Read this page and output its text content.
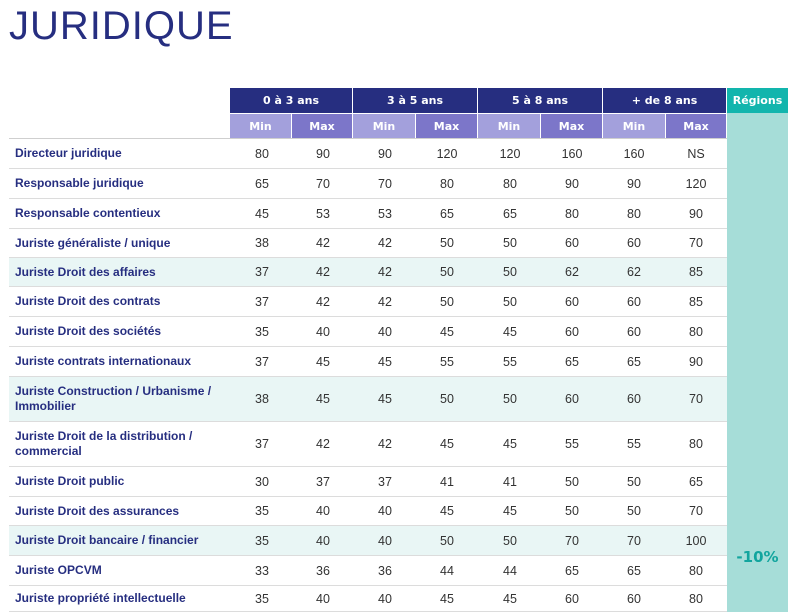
JURIDIQUE
Régions
0 à 3 ans	3 à 5 ans	5 à 8 ans	+ de 8 ans
Min	Max	Min	Max	Min	Max	Min	Max
Directeur juridique	80	90	90	120	120	160	160	NS
Responsable juridique	65	70	70	80	80	90	90	120
Responsable contentieux	45	53	53	65	65	80	80	90
Juriste généraliste / unique	38	42	42	50	50	60	60	70
Juriste Droit des affaires	37	42	42	50	50	62	62	85
Juriste Droit des contrats	37	42	42	50	50	60	60	85
Juriste Droit des sociétés	35	40	40	45	45	60	60	80
Juriste contrats internationaux	37	45	45	55	55	65	65	90
Juriste Construction / Urbanisme / Immobilier	38	45	45	50	50	60	60	70
Juriste Droit de la distribution / commercial	37	42	42	45	45	55	55	80
Juriste Droit public	30	37	37	41	41	50	50	65
Juriste Droit des assurances	35	40	40	45	45	50	50	70
Juriste Droit bancaire / financier	35	40	40	50	50	70	70	100
Juriste OPCVM	33	36	36	44	44	65	65	80
Juriste propriété intellectuelle	35	40	40	45	45	60	60	80
-10%
